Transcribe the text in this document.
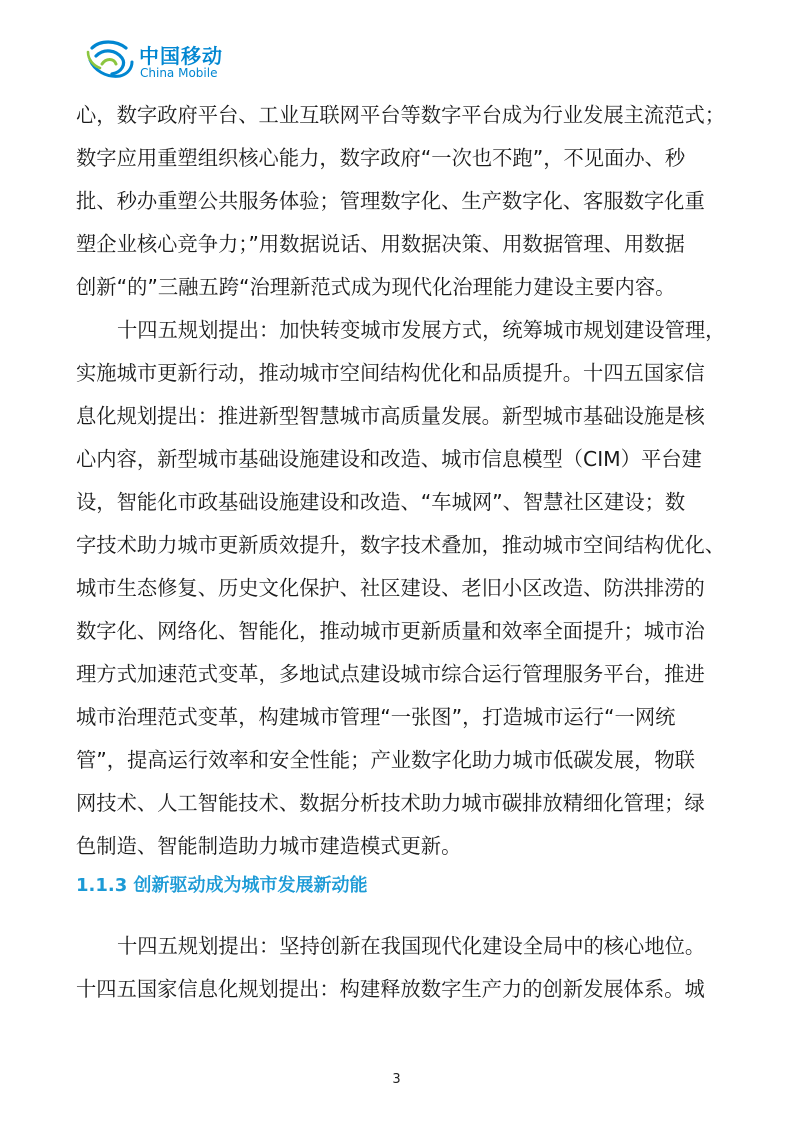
中国移动
China Mobile
心，数字政府平台、工业互联网平台等数字平台成为行业发展主流范式；
数字应用重塑组织核心能力，数字政府“一次也不跑”，不见面办、秒
批、秒办重塑公共服务体验；管理数字化、生产数字化、客服数字化重
塑企业核心竞争力；”用数据说话、用数据决策、用数据管理、用数据
创新“的”三融五跨“治理新范式成为现代化治理能力建设主要内容。
十四五规划提出：加快转变城市发展方式，统筹城市规划建设管理，
实施城市更新行动，推动城市空间结构优化和品质提升。十四五国家信
息化规划提出：推进新型智慧城市高质量发展。新型城市基础设施是核
心内容，新型城市基础设施建设和改造、城市信息模型（CIM）平台建
设，智能化市政基础设施建设和改造、“车城网”、智慧社区建设；数
字技术助力城市更新质效提升，数字技术叠加，推动城市空间结构优化、
城市生态修复、历史文化保护、社区建设、老旧小区改造、防洪排涝的
数字化、网络化、智能化，推动城市更新质量和效率全面提升；城市治
理方式加速范式变革，多地试点建设城市综合运行管理服务平台，推进
城市治理范式变革，构建城市管理“一张图”，打造城市运行“一网统
管”，提高运行效率和安全性能；产业数字化助力城市低碳发展，物联
网技术、人工智能技术、数据分析技术助力城市碳排放精细化管理；绿
色制造、智能制造助力城市建造模式更新。
1.1.3 创新驱动成为城市发展新动能
十四五规划提出：坚持创新在我国现代化建设全局中的核心地位。
十四五国家信息化规划提出：构建释放数字生产力的创新发展体系。城
3
